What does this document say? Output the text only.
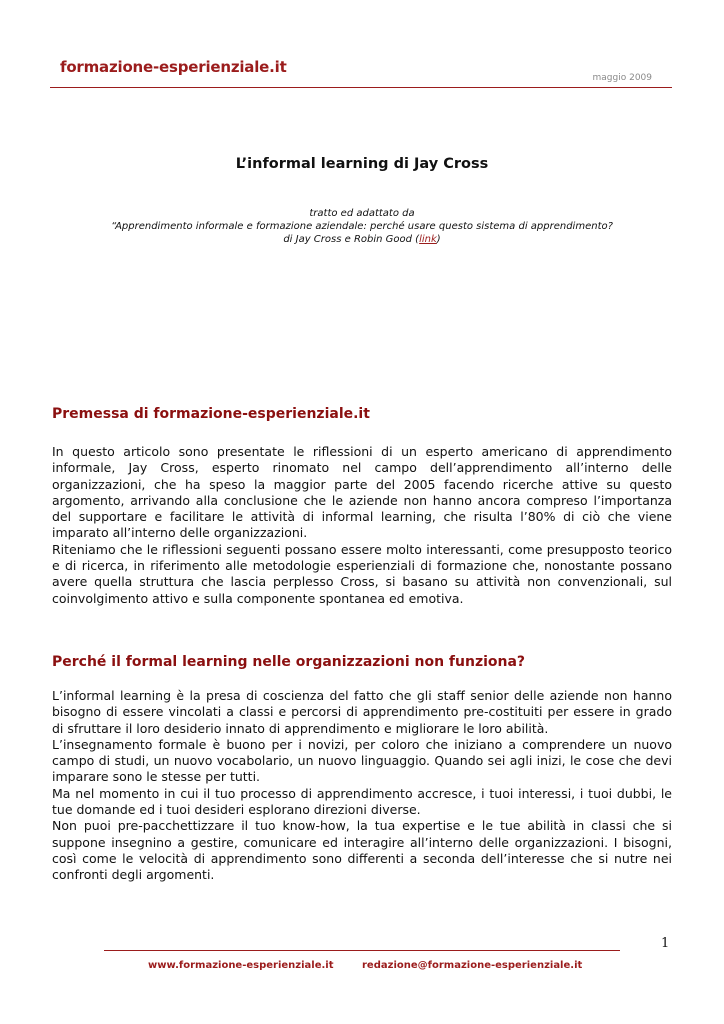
formazione-esperienziale.it
maggio 2009
L’informal learning di Jay Cross
tratto ed adattato da
“Apprendimento informale e formazione aziendale: perché usare questo sistema di apprendimento?
di Jay Cross e Robin Good (link)
Premessa di formazione-esperienziale.it

In questo articolo sono presentate le riflessioni di un esperto americano di apprendimento informale, Jay Cross, esperto rinomato nel campo dell’apprendimento all’interno delle organizzazioni, che ha speso la maggior parte del 2005 facendo ricerche attive su questo argomento, arrivando alla conclusione che le aziende non hanno ancora compreso l’importanza del supportare e facilitare le attività di informal learning, che risulta l’80% di ciò che viene imparato all’interno delle organizzazioni.

Riteniamo che le riflessioni seguenti possano essere molto interessanti, come presupposto teorico e di ricerca, in riferimento alle metodologie esperienziali di formazione che, nonostante possano avere quella struttura che lascia perplesso Cross, si basano su attività non convenzionali, sul coinvolgimento attivo e sulla componente spontanea ed emotiva.

Perché il formal learning nelle organizzazioni non funziona?

L’informal learning è la presa di coscienza del fatto che gli staff senior delle aziende non hanno bisogno di essere vincolati a classi e percorsi di apprendimento pre-costituiti per essere in grado di sfruttare il loro desiderio innato di apprendimento e migliorare le loro abilità.

L’insegnamento formale è buono per i novizi, per coloro che iniziano a comprendere un nuovo campo di studi, un nuovo vocabolario, un nuovo linguaggio. Quando sei agli inizi, le cose che devi imparare sono le stesse per tutti.

Ma nel momento in cui il tuo processo di apprendimento accresce, i tuoi interessi, i tuoi dubbi, le tue domande ed i tuoi desideri esplorano direzioni diverse.

Non puoi pre-pacchettizzare il tuo know-how, la tua expertise e le tue abilità in classi che si suppone insegnino a gestire, comunicare ed interagire all’interno delle organizzazioni. I bisogni, così come le velocità di apprendimento sono differenti a seconda dell’interesse che si nutre nei confronti degli argomenti.

1
www.formazione-esperienziale.it	redazione@formazione-esperienziale.it
